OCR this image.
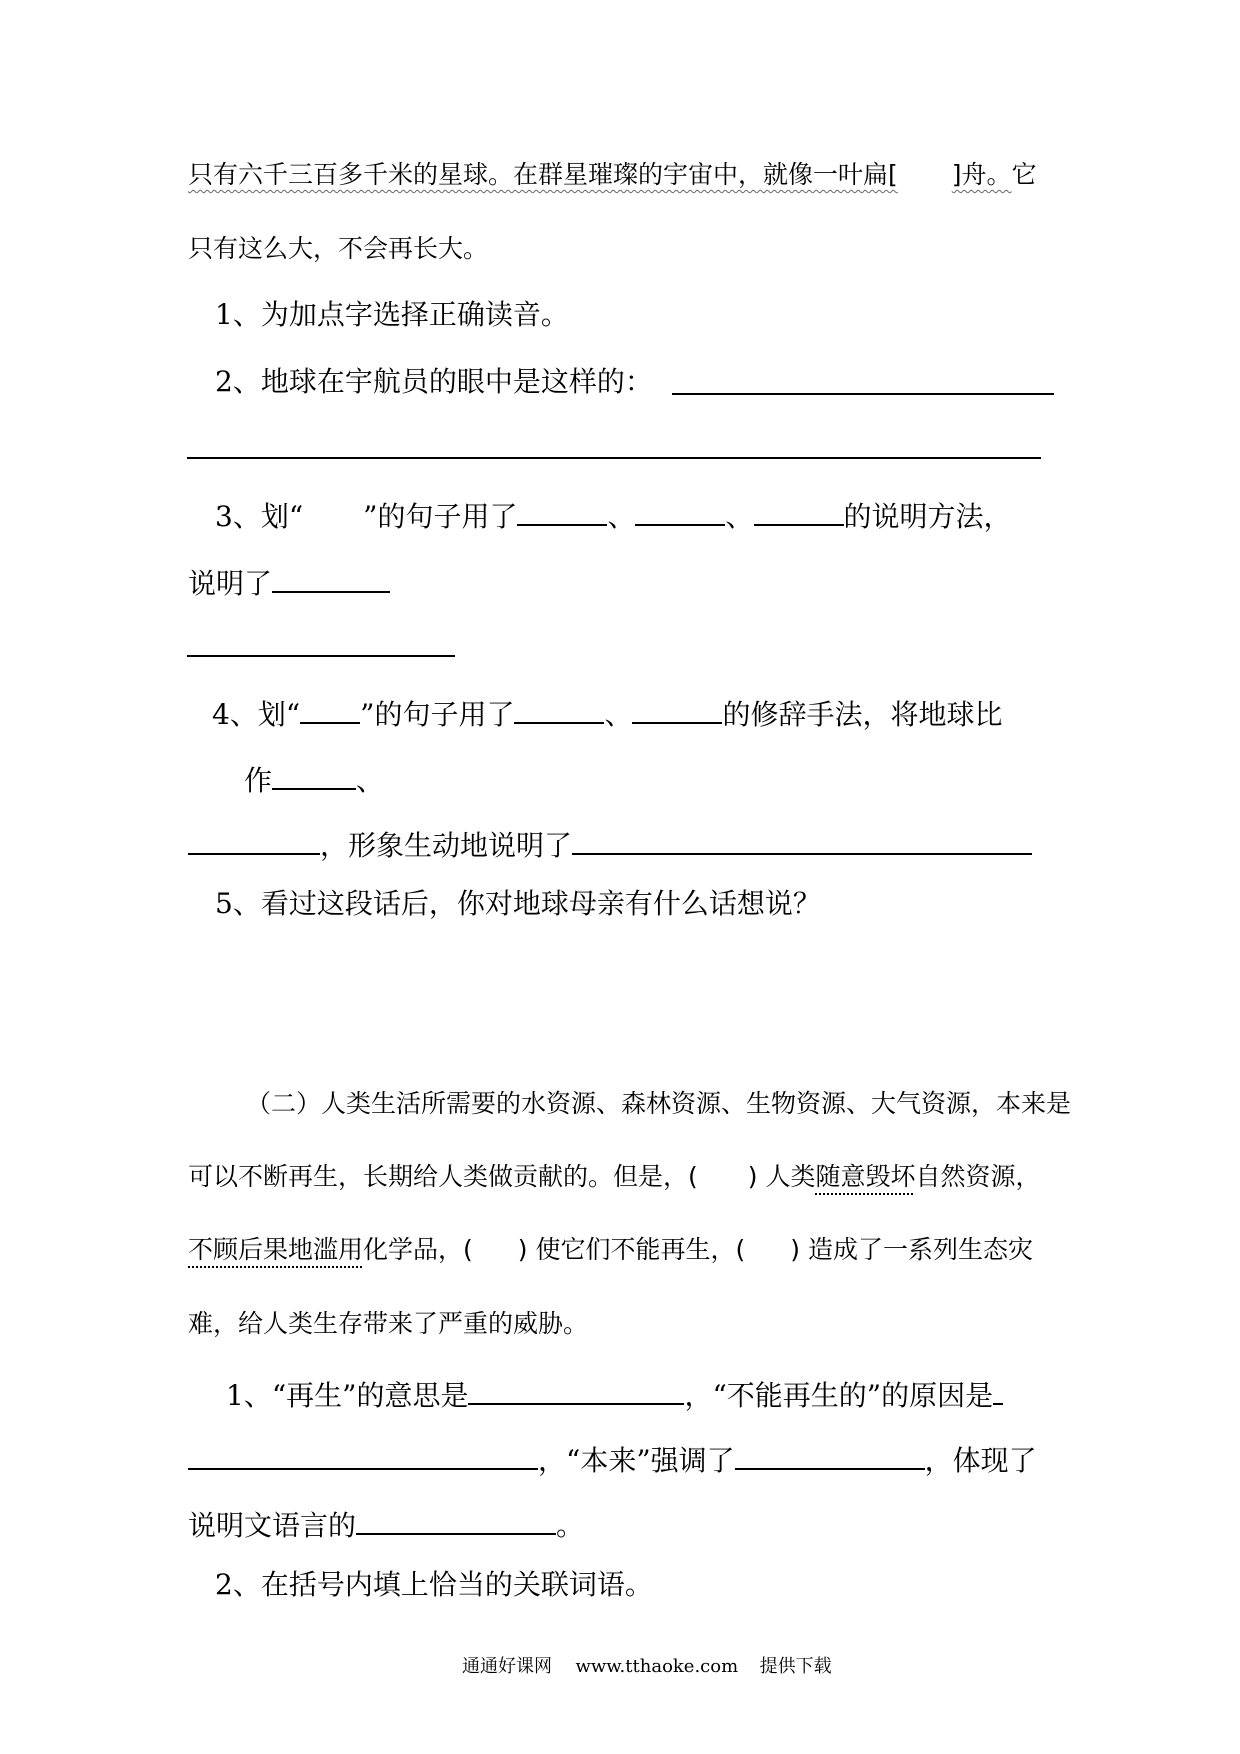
只有六千三百多千米的星球。在群星璀璨的宇宙中，就像一叶扁[ ]舟。它
只有这么大，不会再长大。
1、为加点字选择正确读音。
2、地球在宇航员的眼中是这样的：
3、划“ ”的句子用了	、	、	的说明方法，
说明了
4、划“ ”的句子用了	、	的修辞手法，将地球比
作	、
，形象生动地说明了
5、看过这段话后，你对地球母亲有什么话想说？
（二）人类生活所需要的水资源、森林资源、生物资源、大气资源，本来是
可以不断再生，长期给人类做贡献的。但是，( ) 人类随意毁坏自然资源，
不顾后果地滥用化学品，( ) 使它们不能再生，( ) 造成了一系列生态灾
难，给人类生存带来了严重的威胁。
1、“再生”的意思是	，“不能再生的”的原因是
，“本来”强调了	，体现了
说明文语言的	。
2、在括号内填上恰当的关联词语。
通通好课网 www.tthaoke.com 提供下载
